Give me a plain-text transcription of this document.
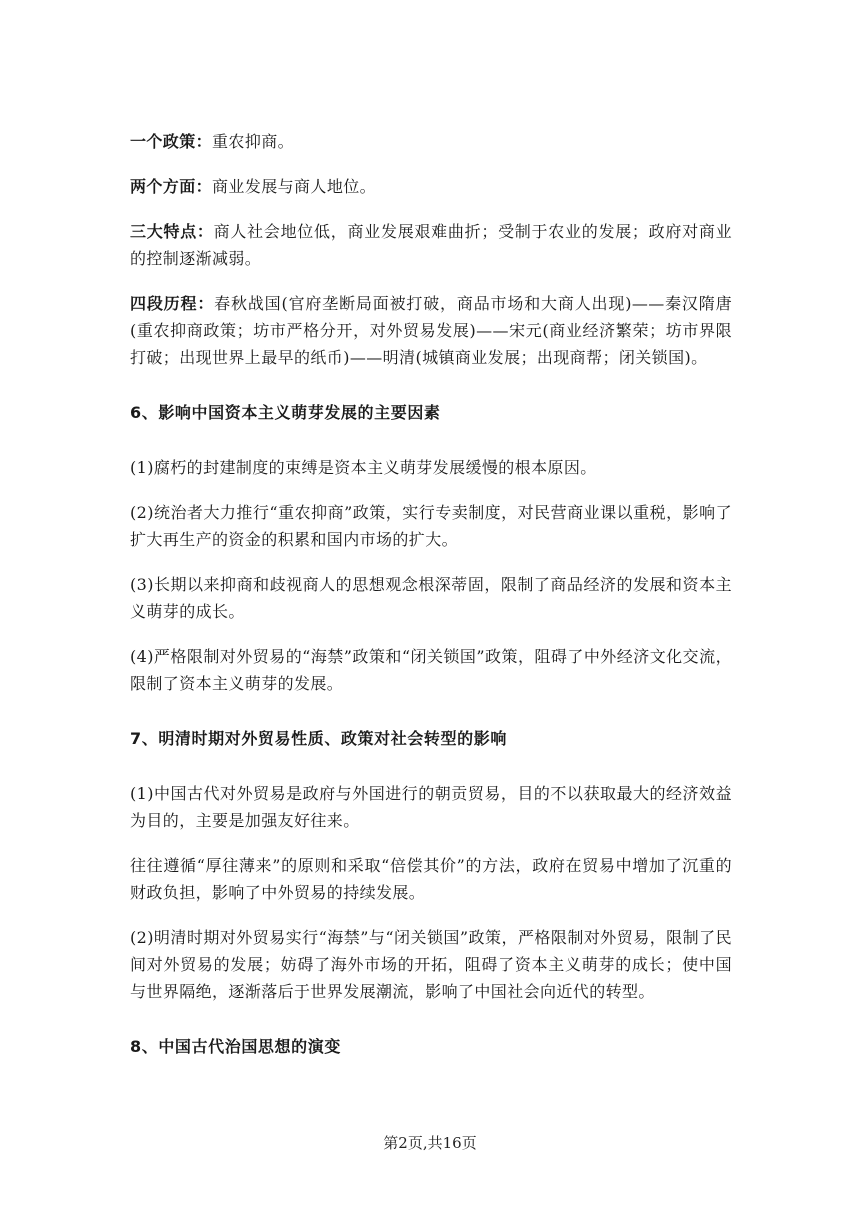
一个政策：重农抑商。

两个方面：商业发展与商人地位。

三大特点：商人社会地位低，商业发展艰难曲折；受制于农业的发展；政府对商业的控制逐渐减弱。

四段历程：春秋战国(官府垄断局面被打破，商品市场和大商人出现)——秦汉隋唐(重农抑商政策；坊市严格分开，对外贸易发展)——宋元(商业经济繁荣；坊市界限打破；出现世界上最早的纸币)——明清(城镇商业发展；出现商帮；闭关锁国)。

6、影响中国资本主义萌芽发展的主要因素

(1)腐朽的封建制度的束缚是资本主义萌芽发展缓慢的根本原因。

(2)统治者大力推行“重农抑商”政策，实行专卖制度，对民营商业课以重税，影响了扩大再生产的资金的积累和国内市场的扩大。

(3)长期以来抑商和歧视商人的思想观念根深蒂固，限制了商品经济的发展和资本主义萌芽的成长。

(4)严格限制对外贸易的“海禁”政策和“闭关锁国”政策，阻碍了中外经济文化交流，限制了资本主义萌芽的发展。

7、明清时期对外贸易性质、政策对社会转型的影响

(1)中国古代对外贸易是政府与外国进行的朝贡贸易，目的不以获取最大的经济效益为目的，主要是加强友好往来。

往往遵循“厚往薄来”的原则和采取“倍偿其价”的方法，政府在贸易中增加了沉重的财政负担，影响了中外贸易的持续发展。

(2)明清时期对外贸易实行“海禁”与“闭关锁国”政策，严格限制对外贸易，限制了民间对外贸易的发展；妨碍了海外市场的开拓，阻碍了资本主义萌芽的成长；使中国与世界隔绝，逐渐落后于世界发展潮流，影响了中国社会向近代的转型。

8、中国古代治国思想的演变
第2页,共16页
